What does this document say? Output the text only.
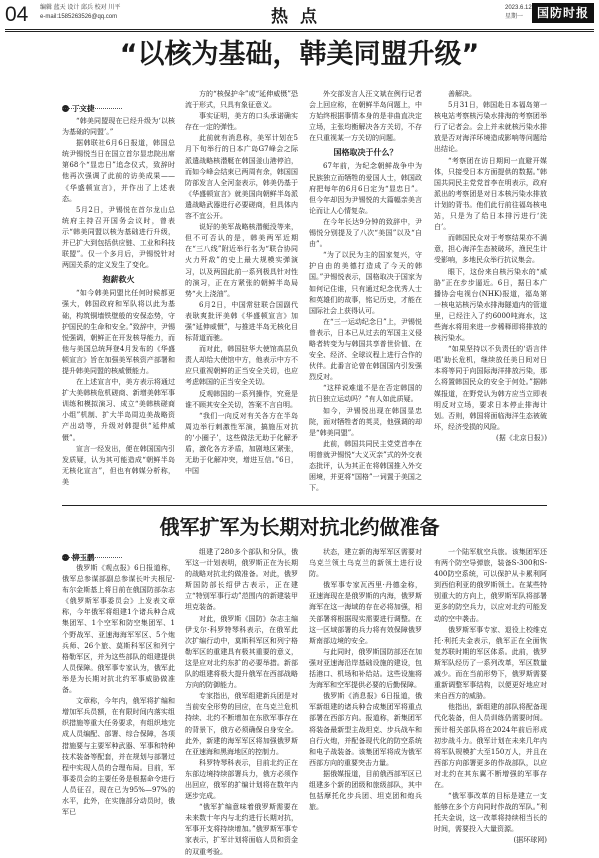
04 编辑 蓝天 设计 邱兵 校对 川平
e-mail:1585263526@qq.com	热点	2023.6.12
星期一	国防时报
“以核为基础，韩美同盟升级”
丁文捷

“韩美同盟现在已经升级为‘以核为基础的同盟’。”

据韩联社6月6日报道，韩国总统尹锡悦当日在国立首尔显忠院出席第68个“显忠日”追念仪式，致辞时他再次强调了此前的访美成果——《华盛顿宣言》，并作出了上述表态。

5月2日，尹锡悦在首尔龙山总统府主持召开国务会议时，曾表示“韩美同盟以核为基础进行升级，并已扩大到包括供应链、工业和科技联盟”。仅一个多月后，尹锡悦针对两国关系的定义发生了变化。

抱薪救火

“如今韩美同盟比任何时候都更强大，韩国政府和军队将以此为基础，构筑铜墙铁壁般的安保态势，守护国民的生命和安全。”致辞中，尹锡悦强调，朝鲜正在开发核导能力，而他与美国总统拜登4月发布的《华盛顿宣言》旨在加强美军核资产部署和提升韩美同盟的核威慑能力。

在上述宣言中，美方表示将通过扩大美韩核危机磋商、新增美韩军事训练和模拟演习、成立“美韩核磋商小组”机制、扩大半岛周边美战略资产出动等，升级对韩提供“延伸威慑”。

宣言一经发出，便在韩国国内引发质疑，认为其可能造成“朝鲜半岛无核化宣言”，但也有韩媒分析称，美

方的“核保护伞”或“延伸威慑”恐流于形式，只具有象征意义。

事实证明，美方的口头承诺确实存在一定的弹性。

此前就有消息称，美军计划在5月下旬举行的日本广岛G7峰会之际派遣战略核潜艇在韩国釜山港停泊，而如今峰会结束已两周有余，韩国国防部发言人全河奎表示，韩美仍基于《华盛顿宣言》就美国向朝鲜半岛派遣战略武器进行必要磋商，但具体内容不宜公开。

说好的美军战略核潜艇没等来，但不可否认的是，韩美两军近期在“三八线”附近举行名为“联合协同火力歼敌”的史上最大规模实弹演习，以及两国此前一系列极具针对性的演习，正在方紧张的朝鲜半岛局势“火上浇油”。

6月2日，中国常驻联合国副代表耿爽批评美韩《华盛顿宣言》加强“延伸威慑”，与推进半岛无核化目标背道而驰。

而对此，韩国驻华大使馆高层负责人却给大使馆中方，他表示中方不应只重视朝鲜的正当安全关切，也应考虑韩国的正当安全关切。

反观韩国的一系列操作，究竟是谁不顾其安全关切，答案不言自明。

“我们一向反对有关各方在半岛周边举行刺激性军演，搞施压对抗的‘小圈子’，这些做法无助于化解矛盾，激化各方矛盾，加剧地区紧张，无助于化解冲突，增进互信。”6日，中国

外交部发言人汪文斌在例行记者会上回应称，在朝鲜半岛问题上，中方始终根据事情本身的是非曲直决定立场，主张均衡解决各方关切，不存在只重视某一方关切的问题。

国格取决于什么？

67年前，为纪念朝鲜战争中为民族独立而牺牲的爱国人士，韩国政府把每年的6月6日定为“显忠日”。但今年却因为尹锡悦的大篇幅亲美言论而让人心情复杂。

在今年长达9分钟的致辞中，尹锡悦分别提及了八次“美国”以及“自由”。

“为了以民为主的国家复兴，守护自由的美德打造成了今天的韩国。”尹锡悦表示，国格取决于国家为如何记住谁，只有通过纪念优秀人士和英雄们的故事，铭记历史，才能在国际社会上获得认可。

在“三一运动纪念日”上，尹锡悦曾表示，日本已从过去的军国主义侵略者转变为与韩国共享普世价值、在安全、经济、全球议程上进行合作的伙伴。此番言论曾在韩国国内引发强烈反对。

“这样说难道不是在否定韩国的抗日独立运动吗？”有人如此质疑。

如今，尹锡悦出现在韩国显忠院，面对牺牲者的英灵，他强调的却是“韩美同盟”。

此前，韩国共同民主党党首李在明曾就尹锡悦“大义灭亲”式的外交表态批评，认为其正在将韩国推入外交困境，并更将“国格”一词置于美国之下。

善解决。

5月31日，韩国赴日本福岛第一核电站考察核污染水排海的考察团举行了记者会。会上并未就核污染水排放是否对海洋环境造成影响等问题给出结论。

“考察团在访日期间一直避开媒体，只接受日本方面提供的数据。”韩国共同民主党党首李在明表示，政府派出的考察团是对日本核污染水排放计划的背书。他们此行前往福岛核电站，只是为了给日本排污进行‘洗白’。

而韩国民众对于考察结果亦不满意，担心海洋生态被破坏，渔民生计受影响，多地民众举行抗议集会。

眼下，这份来自核污染水的“威胁”正在步步逼近。6日，据日本广播协会电视台(NHK)报道，福岛第一核电站核污染水排海隧道内的管道里，已经注入了约6000吨海水，这些海水将用来进一步稀释即将排放的核污染水。

“如果坚持以不负责任的‘语言伴唱’助长危机，继续放任美日间对日本将等同于向国际海洋排放污染，那么将置韩国民众的安全于何处。”据韩媒报道，在野党认为韩方应当立即表明反对立场，要求日本停止排海计划。否则，韩国将面临海洋生态被破坏，经济受损的风险。

(据《北京日报》)

俄军扩军为长期对抗北约做准备
柳玉鹏

俄罗斯《观点报》6日报道称，俄军总参谋部副总参谋长叶夫根尼·布尔金斯基上将日前在俄国防部杂志《俄罗斯军事委员会》上发表文章称，今年俄军将组建1个诸兵种合成集团军、1个空军和防空集团军、1个野战军、亚速海海军军区、5个炮兵师、26个旅、莫斯科军区和列宁格勒军区，并为这些部队的组建提供人员保障。俄军事专家认为，俄军此举是为长期对抗北约军事威胁做准备。

文章称，今年内，俄军将扩编和增加军兵员额，在有限时间内落实组织措施等重大任务要求，有组织地完成人员编配、部署、综合保障，各项措施要与主要军种武器、军事和特种技术装备等配套，并在规划与部署过程中实现人员的合理布局。目前，军事委员会的主要任务是根据命令进行人员征召，现在已为95%—97%的水平，此外，在实施部分动员时，俄军已

组建了280多个部队和分队，俄军这一计划表明，俄罗斯正在为长期的战略对抗北约做准备。对此，俄罗斯国防部长绍伊古表示，正在建立“特别军事行动”范围内的新建装甲坦克装备。

对此，俄罗斯《国防》杂志主编伊戈尔·科罗特琴科表示，在俄军此次扩编行动中，莫斯科军区和列宁格勒军区的重建具有极其重要的意义，这是应对北约东扩的必要举措。新部队的组建将极大提升俄军在西部战略方向的防御能力。

专家指出，俄军组建新兵团是对当前安全形势的回应，在乌克兰危机持续、北约不断增加在东欧军事存在的背景下，俄方必须确保自身安全。此外，新建的海军军区将加强俄罗斯在亚速海和黑海地区的控制力。

科罗特琴科表示，目前北约正在东部边境持续部署兵力，俄方必须作出回应，俄军的扩编计划将在数年内逐步完成。

“俄军扩编意味着俄罗斯需要在未来数十年内与北约进行长期对抗，军事开支将持续增加。”俄罗斯军事专家表示，扩军计划将面临人员和资金的双重考验。

状态，建立新的海军军区需要对乌克兰领土乌克兰的新领土进行设防。

俄军事专家瓦西里·丹德金称，亚速海现在是俄罗斯的内海，俄罗斯海军在这一海域的存在必将加强，相关部署将根据现实需要进行调整。在这一区域部署的兵力将有效保障俄罗斯南部边境的安全。

与此同时，俄罗斯国防部还在加强对亚速海沿岸基础设施的建设，包括港口、机场和补给站。这些设施将为海军和空军提供必要的后勤保障。

俄罗斯《消息报》6日报道，俄军新组建的诸兵种合成集团军将重点部署在西部方向。报道称，新集团军将装备最新型主战坦克、步兵战车和自行火炮，并配备现代化的防空系统和电子战装备。该集团军将成为俄军西部方向的重要突击力量。

据俄媒报道，目前俄西部军区已组建多个新的团级和旅级部队，其中包括摩托化步兵团、坦克团和炮兵旅。

一个陆军航空兵旅。该集团军还有两个防空导弹旅，装备S-300和S-400防空系统，可以保护从卡累利阿到西伯利亚的俄罗斯领土。在某些特别重大的方向上，俄罗斯军队将部署更多的防空兵力，以应对北约可能发动的空中袭击。

俄罗斯军事专家、退役上校维克托·利托夫金表示，俄军正在全面恢复苏联时期的军区体系。此前，俄罗斯军队经历了一系列改革，军区数量减少。而在当前形势下，俄罗斯需要重新调整军事结构，以便更好地应对来自西方的威胁。

他指出，新组建的部队将配备现代化装备，但人员训练仍需要时间。预计相关部队将在2024年前后形成初步战斗力。俄军计划在未来几年内将军队规模扩大至150万人，并且在西部方向部署更多的作战部队，以应对北约在其东翼不断增强的军事存在。

“俄军事改革的目标是建立一支能够在多个方向同时作战的军队。”利托夫金说，这一改革将持续相当长的时间，需要投入大量资源。

(据环球网)
